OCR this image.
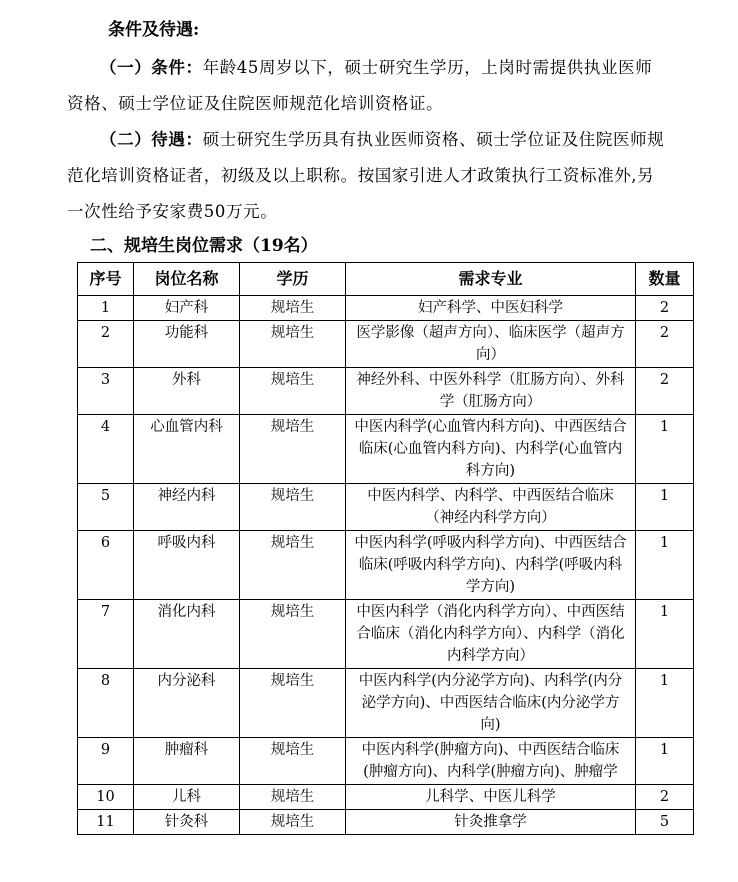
条件及待遇:
（一）条件：年龄45周岁以下，硕士研究生学历，上岗时需提供执业医师资格、硕士学位证及住院医师规范化培训资格证。
（二）待遇：硕士研究生学历具有执业医师资格、硕士学位证及住院医师规范化培训资格证者，初级及以上职称。按国家引进人才政策执行工资标准外,另一次性给予安家费50万元。
二、规培生岗位需求（19名）
序号	岗位名称	学历	需求专业	数量
1	妇产科	规培生	妇产科学、中医妇科学	2
2	功能科	规培生	医学影像（超声方向）、临床医学（超声方向）	2
3	外科	规培生	神经外科、中医外科学（肛肠方向）、外科学（肛肠方向）	2
4	心血管内科	规培生	中医内科学(心血管内科方向)、中西医结合临床(心血管内科方向)、内科学(心血管内科方向)	1
5	神经内科	规培生	中医内科学、内科学、中西医结合临床（神经内科学方向）	1
6	呼吸内科	规培生	中医内科学(呼吸内科学方向)、中西医结合临床(呼吸内科学方向)、内科学(呼吸内科学方向)	1
7	消化内科	规培生	中医内科学（消化内科学方向）、中西医结合临床（消化内科学方向）、内科学（消化内科学方向）	1
8	内分泌科	规培生	中医内科学(内分泌学方向)、内科学(内分泌学方向)、中西医结合临床(内分泌学方向)	1
9	肿瘤科	规培生	中医内科学(肿瘤方向)、中西医结合临床(肿瘤方向)、内科学(肿瘤方向)、肿瘤学	1
10	儿科	规培生	儿科学、中医儿科学	2
11	针灸科	规培生	针灸推拿学	5
